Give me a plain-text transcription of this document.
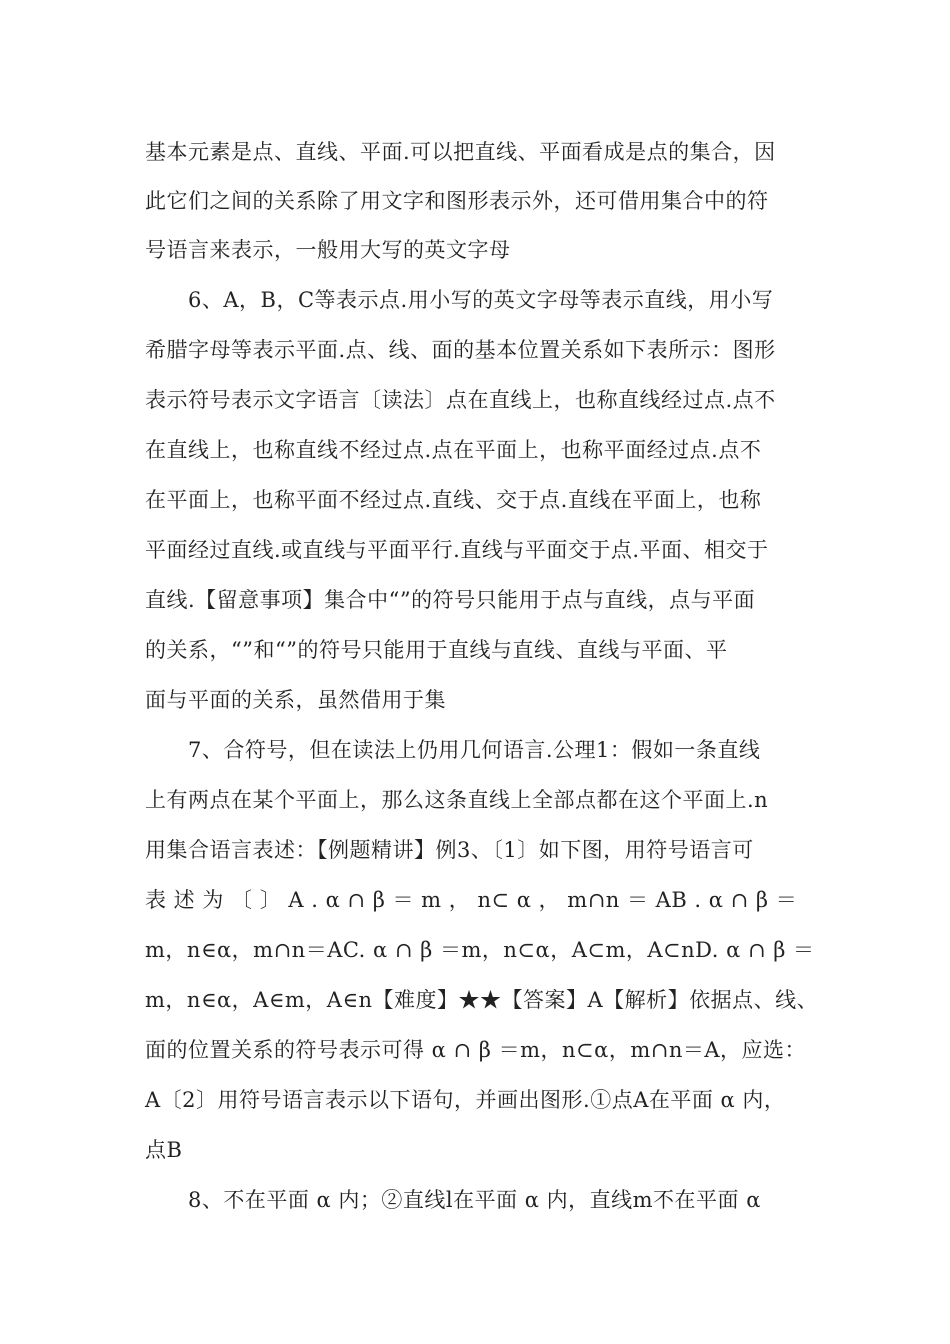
基本元素是点、直线、平面.可以把直线、平面看成是点的集合，因
此它们之间的关系除了用文字和图形表示外，还可借用集合中的符
号语言来表示，一般用大写的英文字母
6、A，B，C等表示点.用小写的英文字母等表示直线，用小写
希腊字母等表示平面.点、线、面的基本位置关系如下表所示：图形
表示符号表示文字语言〔读法〕点在直线上，也称直线经过点.点不
在直线上，也称直线不经过点.点在平面上，也称平面经过点.点不
在平面上，也称平面不经过点.直线、交于点.直线在平面上，也称
平面经过直线.或直线与平面平行.直线与平面交于点.平面、相交于
直线.【留意事项】集合中“”的符号只能用于点与直线，点与平面
的关系，“”和“”的符号只能用于直线与直线、直线与平面、平
面与平面的关系，虽然借用于集
7、合符号，但在读法上仍用几何语言.公理1：假如一条直线
上有两点在某个平面上，那么这条直线上全部点都在这个平面上.n
用集合语言表述：【例题精讲】例3、〔1〕如下图，用符号语言可
表 述 为 〔 〕 A . α ∩ β ＝ m ， n⊂ α ， m∩n ＝ AB . α ∩ β ＝
m，n∈α，m∩n＝AC. α ∩ β ＝m，n⊂α，A⊂m，A⊂nD. α ∩ β ＝
m，n∈α，A∈m，A∈n【难度】★★【答案】A【解析】依据点、线、
面的位置关系的符号表示可得 α ∩ β ＝m，n⊂α，m∩n＝A，应选：
A〔2〕用符号语言表示以下语句，并画出图形.①点A在平面 α 内，
点B
8、不在平面 α 内；②直线l在平面 α 内，直线m不在平面 α
